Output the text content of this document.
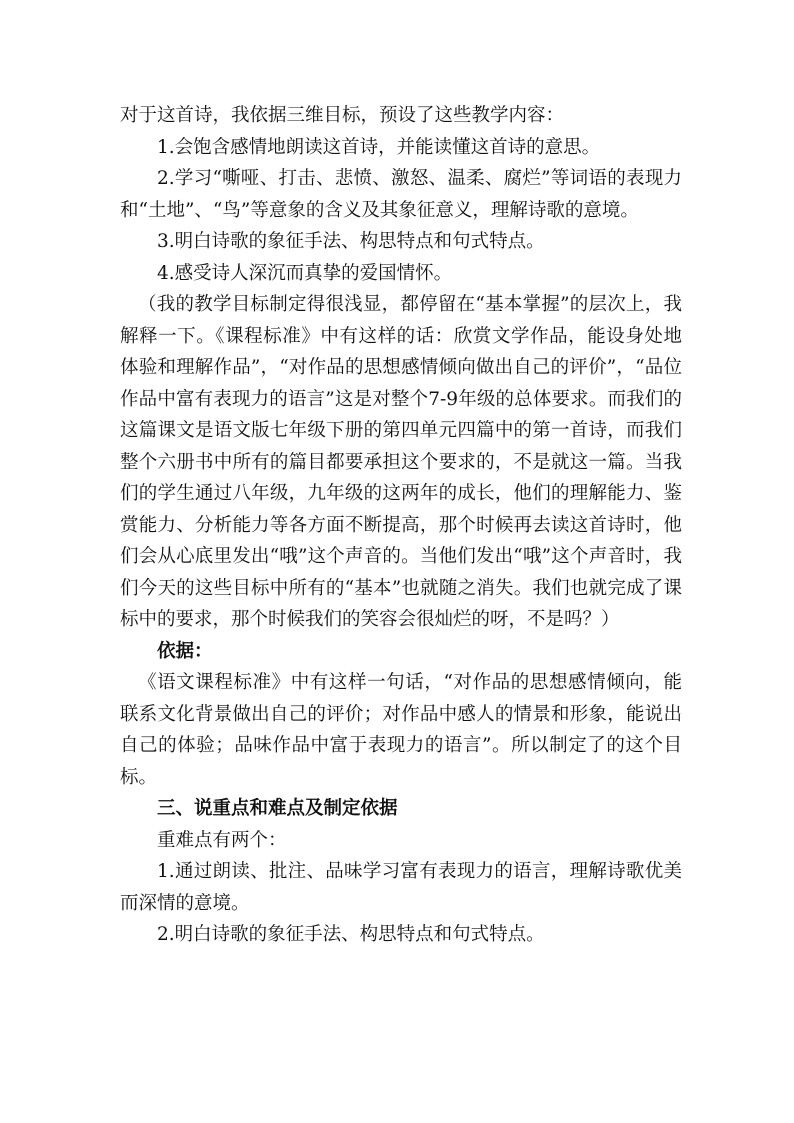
对于这首诗，我依据三维目标，预设了这些教学内容：

1.会饱含感情地朗读这首诗，并能读懂这首诗的意思。

2.学习“嘶哑、打击、悲愤、激怒、温柔、腐烂”等词语的表现力和“土地”、“鸟”等意象的含义及其象征意义，理解诗歌的意境。

3.明白诗歌的象征手法、构思特点和句式特点。

4.感受诗人深沉而真挚的爱国情怀。

（我的教学目标制定得很浅显，都停留在“基本掌握”的层次上，我解释一下。《课程标准》中有这样的话：欣赏文学作品，能设身处地体验和理解作品”，“对作品的思想感情倾向做出自己的评价”，“品位作品中富有表现力的语言”这是对整个7-9年级的总体要求。而我们的这篇课文是语文版七年级下册的第四单元四篇中的第一首诗，而我们整个六册书中所有的篇目都要承担这个要求的，不是就这一篇。当我们的学生通过八年级，九年级的这两年的成长，他们的理解能力、鉴赏能力、分析能力等各方面不断提高，那个时候再去读这首诗时，他们会从心底里发出“哦”这个声音的。当他们发出“哦”这个声音时，我们今天的这些目标中所有的“基本”也就随之消失。我们也就完成了课标中的要求，那个时候我们的笑容会很灿烂的呀，不是吗？）

依据：

《语文课程标准》中有这样一句话，“对作品的思想感情倾向，能联系文化背景做出自己的评价；对作品中感人的情景和形象，能说出自己的体验；品味作品中富于表现力的语言”。所以制定了的这个目标。

三、说重点和难点及制定依据

重难点有两个：

1.通过朗读、批注、品味学习富有表现力的语言，理解诗歌优美而深情的意境。

2.明白诗歌的象征手法、构思特点和句式特点。
